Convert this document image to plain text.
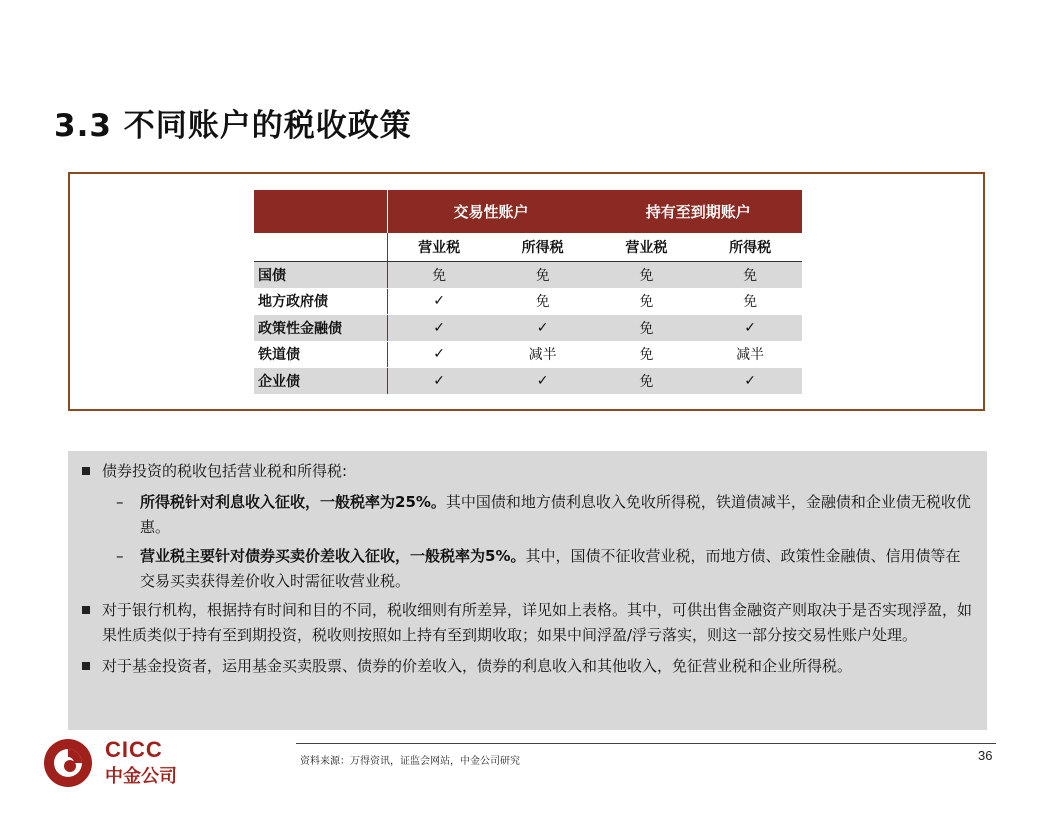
3.3 不同账户的税收政策
	交易性账户		持有至到期账户	
	营业税	所得税	营业税	所得税
国债	免	免	免	免
地方政府债	✓	免	免	免
政策性金融债	✓	✓	免	✓
铁道债	✓	减半	免	减半
企业债	✓	✓	免	✓
债券投资的税收包括营业税和所得税:
– 所得税针对利息收入征收，一般税率为25%。其中国债和地方债利息收入免收所得税，铁道债减半，金融债和企业债无税收优惠。
– 营业税主要针对债券买卖价差收入征收，一般税率为5%。其中，国债不征收营业税，而地方债、政策性金融债、信用债等在交易买卖获得差价收入时需征收营业税。
对于银行机构，根据持有时间和目的不同，税收细则有所差异，详见如上表格。其中，可供出售金融资产则取决于是否实现浮盈，如果性质类似于持有至到期投资，税收则按照如上持有至到期收取；如果中间浮盈/浮亏落实，则这一部分按交易性账户处理。
对于基金投资者，运用基金买卖股票、债券的价差收入，债券的利息收入和其他收入，免征营业税和企业所得税。
CICC
中金公司
资料来源：万得资讯，证监会网站，中金公司研究	36
